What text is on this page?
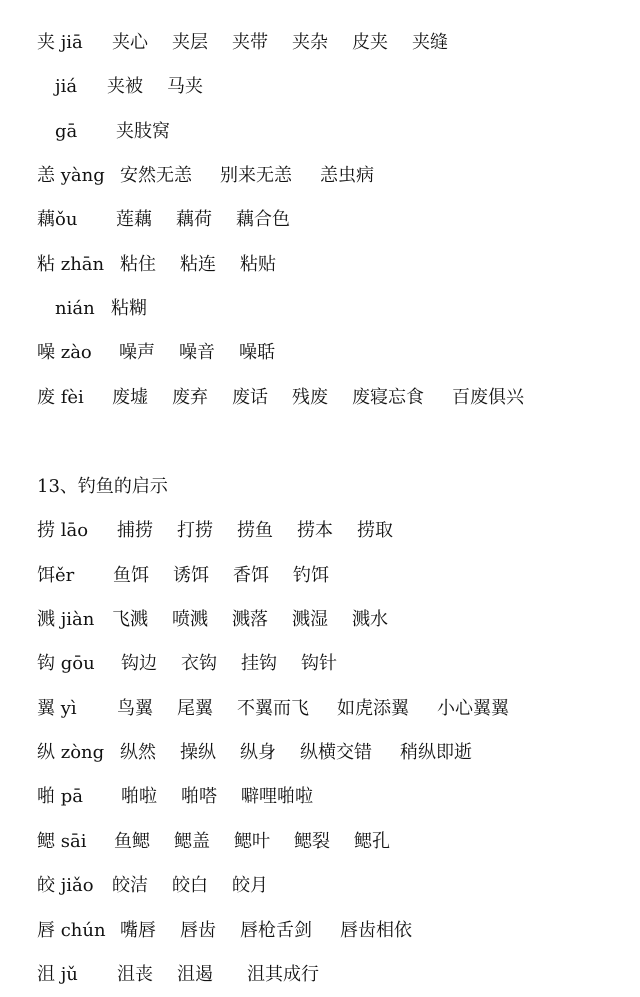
夹 jiā 夹心 夹层 夹带 夹杂 皮夹 夹缝
jiá 夹被 马夹
gā 夹肢窝
恙 yàng 安然无恙 别来无恙 恙虫病
藕ǒu 莲藕 藕荷 藕合色
粘 zhān 粘住 粘连 粘贴
nián 粘糊
噪 zào 噪声 噪音 噪聒
废 fèi 废墟 废弃 废话 残废 废寝忘食 百废俱兴
13、钓鱼的启示
捞 lāo 捕捞 打捞 捞鱼 捞本 捞取
饵ěr 鱼饵 诱饵 香饵 钓饵
溅 jiàn 飞溅 喷溅 溅落 溅湿 溅水
钩 gōu 钩边 衣钩 挂钩 钩针
翼 yì 鸟翼 尾翼 不翼而飞 如虎添翼 小心翼翼
纵 zòng 纵然 操纵 纵身 纵横交错 稍纵即逝
啪 pā 啪啦 啪嗒 噼哩啪啦
鳃 sāi 鱼鳃 鳃盖 鳃叶 鳃裂 鳃孔
皎 jiǎo 皎洁 皎白 皎月
唇 chún 嘴唇 唇齿 唇枪舌剑 唇齿相依
沮 jǔ 沮丧 沮遏 沮其成行
